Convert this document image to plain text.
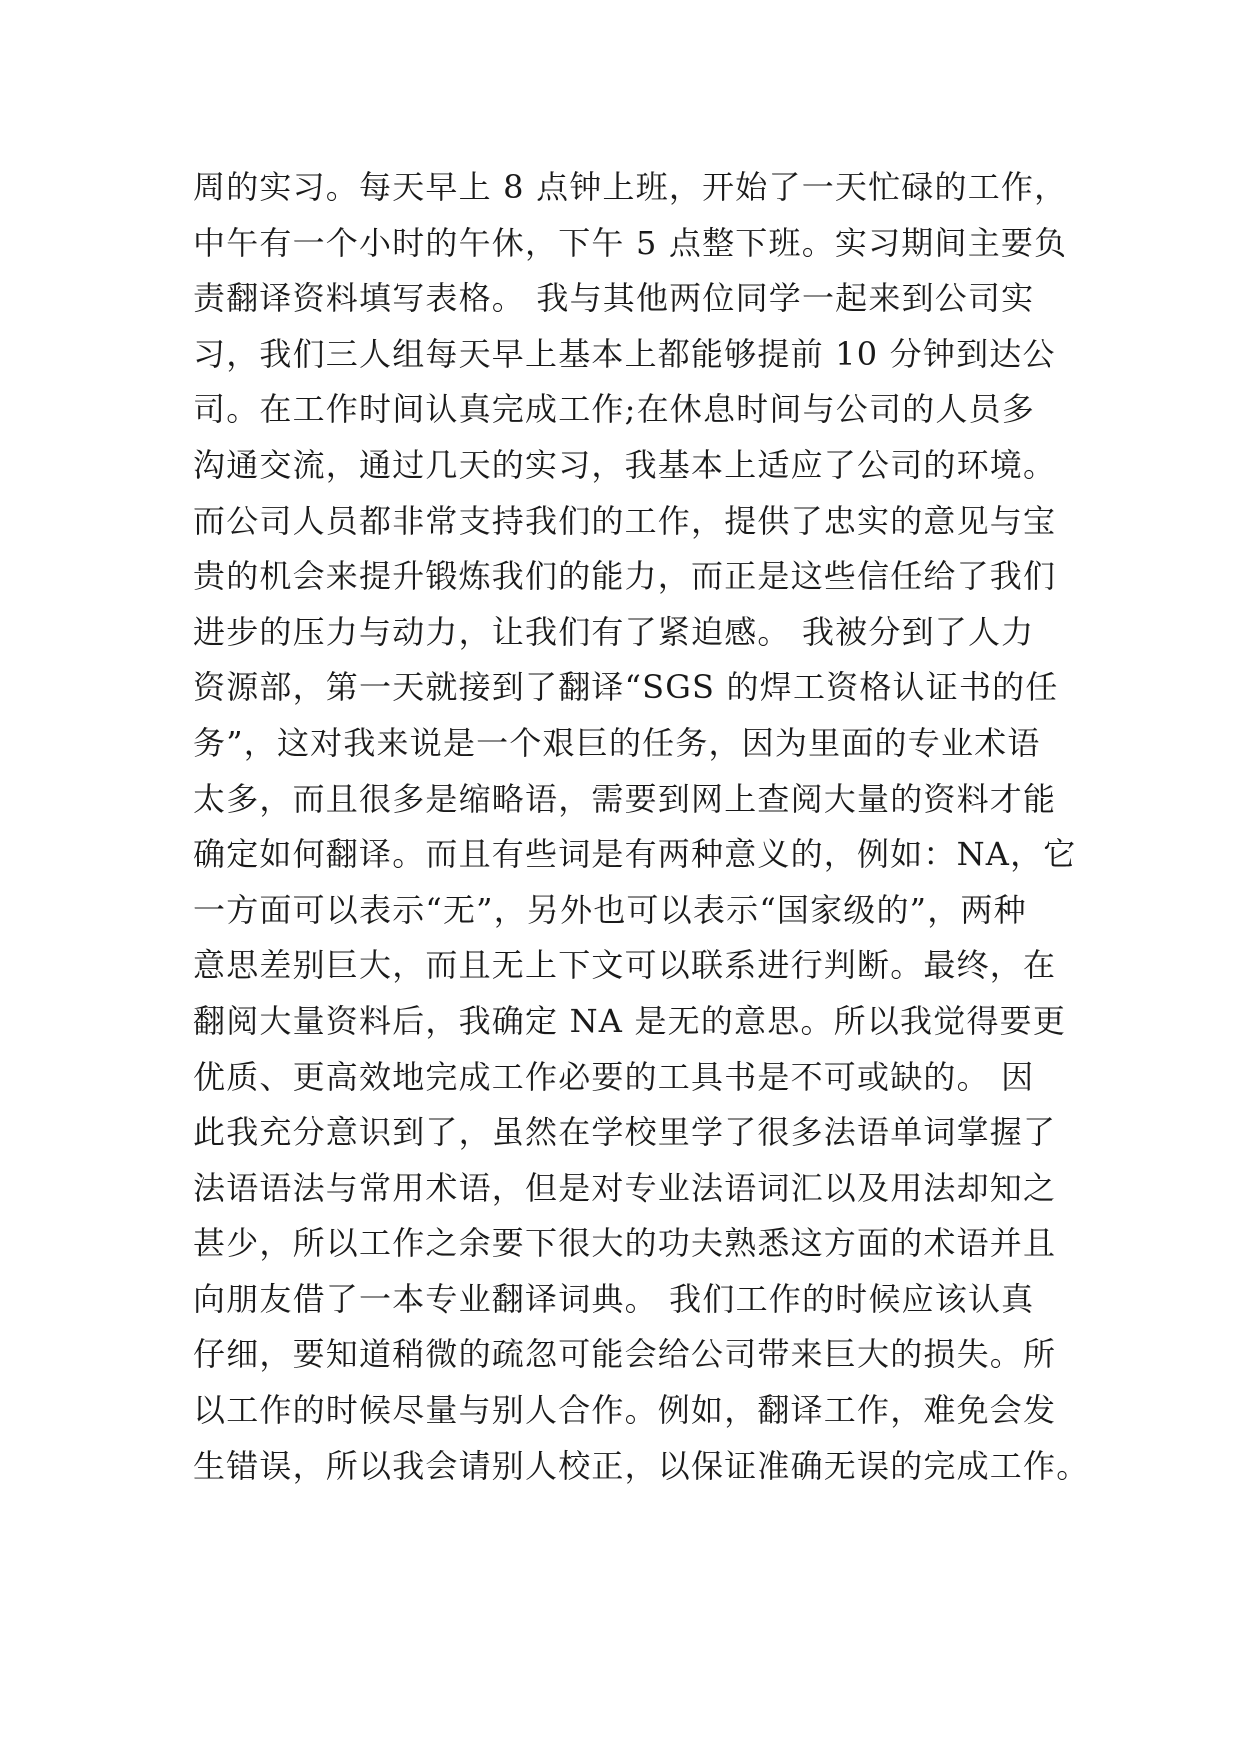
周的实习。每天早上 8 点钟上班，开始了一天忙碌的工作，
中午有一个小时的午休，下午 5 点整下班。实习期间主要负
责翻译资料填写表格。 我与其他两位同学一起来到公司实
习，我们三人组每天早上基本上都能够提前 10 分钟到达公
司。在工作时间认真完成工作;在休息时间与公司的人员多
沟通交流，通过几天的实习，我基本上适应了公司的环境。
而公司人员都非常支持我们的工作，提供了忠实的意见与宝
贵的机会来提升锻炼我们的能力，而正是这些信任给了我们
进步的压力与动力，让我们有了紧迫感。 我被分到了人力
资源部，第一天就接到了翻译“SGS 的焊工资格认证书的任
务”，这对我来说是一个艰巨的任务，因为里面的专业术语
太多，而且很多是缩略语，需要到网上查阅大量的资料才能
确定如何翻译。而且有些词是有两种意义的，例如：NA，它
一方面可以表示“无”，另外也可以表示“国家级的”，两种
意思差别巨大，而且无上下文可以联系进行判断。最终，在
翻阅大量资料后，我确定 NA 是无的意思。所以我觉得要更
优质、更高效地完成工作必要的工具书是不可或缺的。 因
此我充分意识到了，虽然在学校里学了很多法语单词掌握了
法语语法与常用术语，但是对专业法语词汇以及用法却知之
甚少，所以工作之余要下很大的功夫熟悉这方面的术语并且
向朋友借了一本专业翻译词典。 我们工作的时候应该认真
仔细，要知道稍微的疏忽可能会给公司带来巨大的损失。所
以工作的时候尽量与别人合作。例如，翻译工作，难免会发
生错误，所以我会请别人校正，以保证准确无误的完成工作。
